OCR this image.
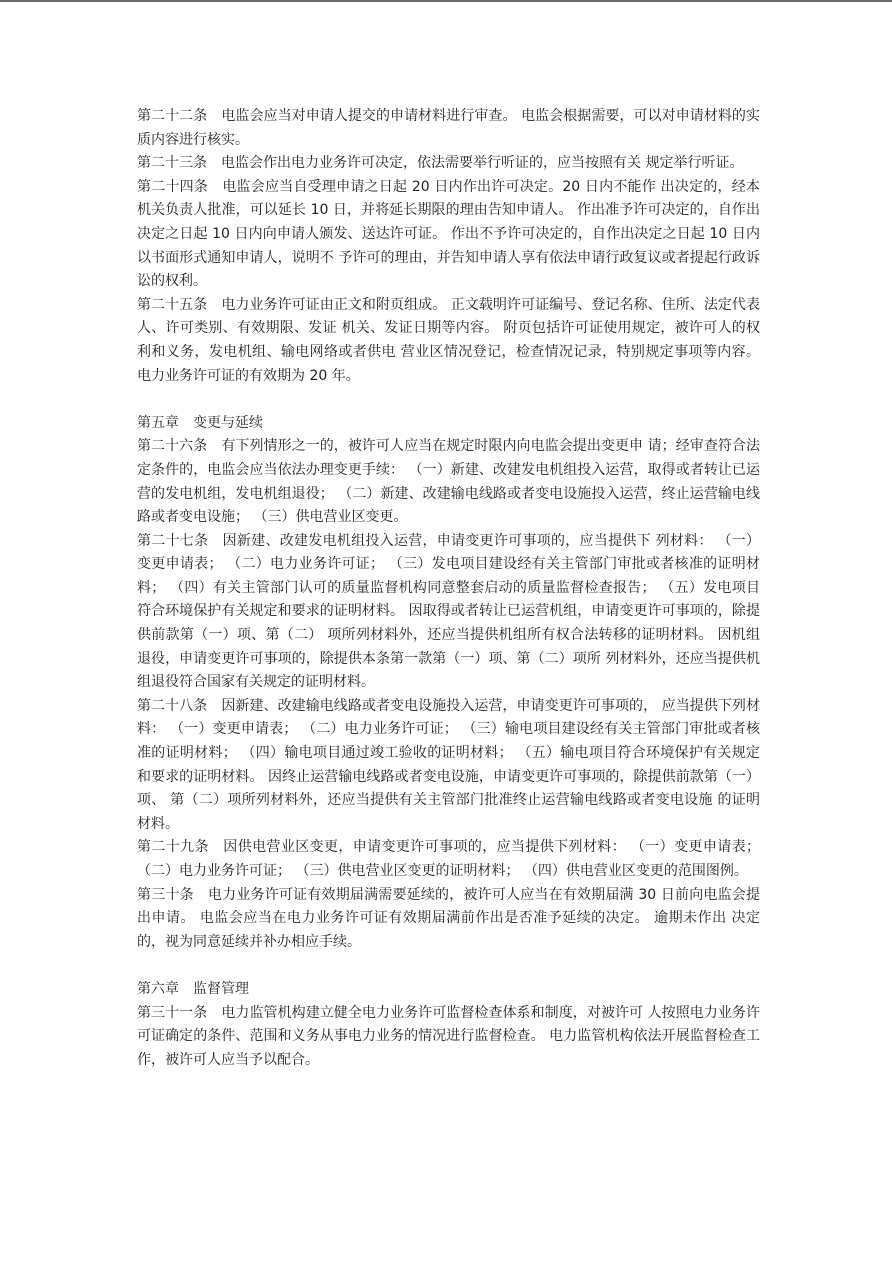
第二十二条　电监会应当对申请人提交的申请材料进行审查。 电监会根据需要，可以对申请材料的实质内容进行核实。

第二十三条　电监会作出电力业务许可决定，依法需要举行听证的，应当按照有关 规定举行听证。

第二十四条　电监会应当自受理申请之日起 20 日内作出许可决定。20 日内不能作 出决定的，经本机关负责人批准，可以延长 10 日，并将延长期限的理由告知申请人。 作出准予许可决定的，自作出决定之日起 10 日内向申请人颁发、送达许可证。 作出不予许可决定的，自作出决定之日起 10 日内以书面形式通知申请人，说明不 予许可的理由，并告知申请人享有依法申请行政复议或者提起行政诉讼的权利。

第二十五条　电力业务许可证由正文和附页组成。 正文载明许可证编号、登记名称、住所、法定代表人、许可类别、有效期限、发证 机关、发证日期等内容。 附页包括许可证使用规定，被许可人的权利和义务，发电机组、输电网络或者供电 营业区情况登记，检查情况记录，特别规定事项等内容。 电力业务许可证的有效期为 20 年。

第五章　变更与延续

第二十六条　有下列情形之一的，被许可人应当在规定时限内向电监会提出变更申 请；经审查符合法定条件的，电监会应当依法办理变更手续： （一）新建、改建发电机组投入运营，取得或者转让已运营的发电机组，发电机组退役； （二）新建、改建输电线路或者变电设施投入运营，终止运营输电线路或者变电设施； （三）供电营业区变更。

第二十七条　因新建、改建发电机组投入运营，申请变更许可事项的，应当提供下 列材料： （一）变更申请表； （二）电力业务许可证； （三）发电项目建设经有关主管部门审批或者核准的证明材料； （四）有关主管部门认可的质量监督机构同意整套启动的质量监督检查报告； （五）发电项目符合环境保护有关规定和要求的证明材料。 因取得或者转让已运营机组，申请变更许可事项的，除提供前款第（一）项、第（二） 项所列材料外，还应当提供机组所有权合法转移的证明材料。 因机组退役，申请变更许可事项的，除提供本条第一款第（一）项、第（二）项所 列材料外，还应当提供机组退役符合国家有关规定的证明材料。

第二十八条　因新建、改建输电线路或者变电设施投入运营，申请变更许可事项的， 应当提供下列材料： （一）变更申请表； （二）电力业务许可证； （三）输电项目建设经有关主管部门审批或者核准的证明材料； （四）输电项目通过竣工验收的证明材料； （五）输电项目符合环境保护有关规定和要求的证明材料。 因终止运营输电线路或者变电设施，申请变更许可事项的，除提供前款第（一）项、 第（二）项所列材料外，还应当提供有关主管部门批准终止运营输电线路或者变电设施 的证明材料。

第二十九条　因供电营业区变更，申请变更许可事项的，应当提供下列材料： （一）变更申请表； （二）电力业务许可证； （三）供电营业区变更的证明材料； （四）供电营业区变更的范围图例。

第三十条　电力业务许可证有效期届满需要延续的，被许可人应当在有效期届满 30 日前向电监会提出申请。 电监会应当在电力业务许可证有效期届满前作出是否准予延续的决定。 逾期未作出 决定的，视为同意延续并补办相应手续。

第六章　监督管理

第三十一条　电力监管机构建立健全电力业务许可监督检查体系和制度，对被许可 人按照电力业务许可证确定的条件、范围和义务从事电力业务的情况进行监督检查。 电力监管机构依法开展监督检查工作，被许可人应当予以配合。
